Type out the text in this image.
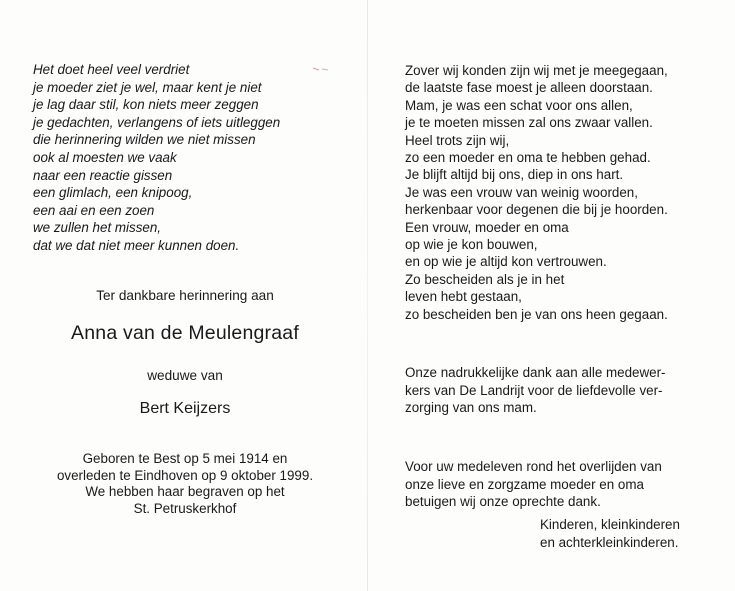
Het doet heel veel verdriet
je moeder ziet je wel, maar kent je niet
je lag daar stil, kon niets meer zeggen
je gedachten, verlangens of iets uitleggen
die herinnering wilden we niet missen
ook al moesten we vaak
naar een reactie gissen
een glimlach, een knipoog,
een aai en een zoen
we zullen het missen,
dat we dat niet meer kunnen doen.
Ter dankbare herinnering aan
Anna van de Meulengraaf
weduwe van
Bert Keijzers
Geboren te Best op 5 mei 1914 en
overleden te Eindhoven op 9 oktober 1999.
We hebben haar begraven op het
St. Petruskerkhof
Zover wij konden zijn wij met je meegegaan,
de laatste fase moest je alleen doorstaan.
Mam, je was een schat voor ons allen,
je te moeten missen zal ons zwaar vallen.
Heel trots zijn wij,
zo een moeder en oma te hebben gehad.
Je blijft altijd bij ons, diep in ons hart.
Je was een vrouw van weinig woorden,
herkenbaar voor degenen die bij je hoorden.
Een vrouw, moeder en oma
op wie je kon bouwen,
en op wie je altijd kon vertrouwen.
Zo bescheiden als je in het
leven hebt gestaan,
zo bescheiden ben je van ons heen gegaan.
Onze nadrukkelijke dank aan alle medewer-
kers van De Landrijt voor de liefdevolle ver-
zorging van ons mam.
Voor uw medeleven rond het overlijden van
onze lieve en zorgzame moeder en oma
betuigen wij onze oprechte dank.
Kinderen, kleinkinderen
en achterkleinkinderen.
